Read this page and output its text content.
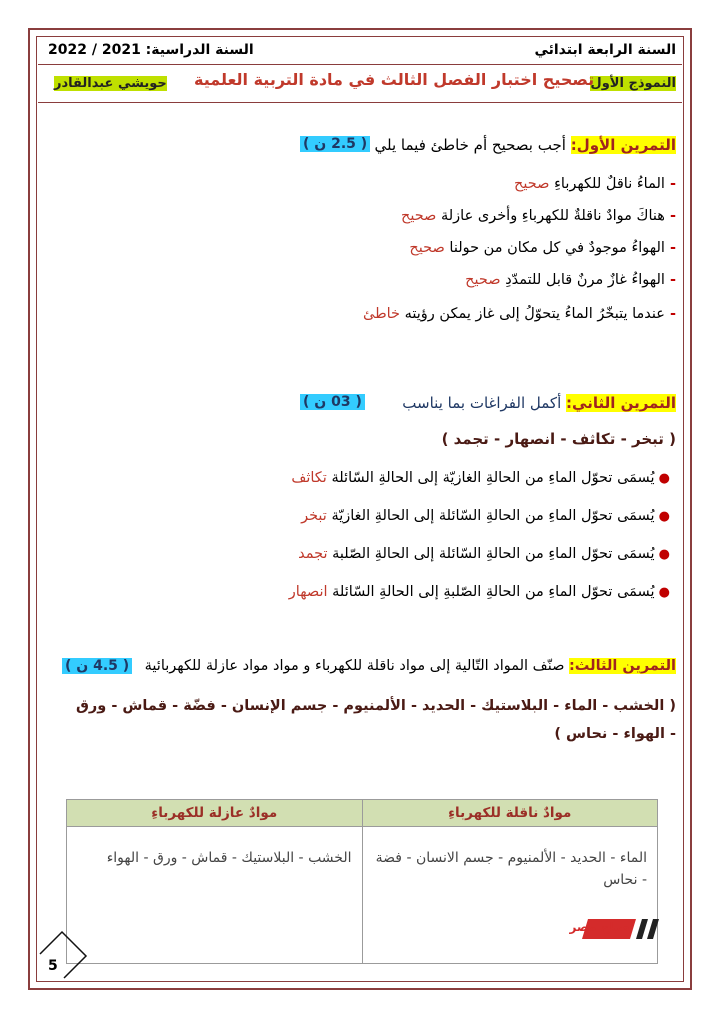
السنة الرابعة ابتدائي
السنة الدراسية: 2021 / 2022
النموذج الأول
تصحيح اختبار الفصل الثالث في مادة التربية العلمية
حويشي عبدالقادر
التمرين الأول: أجب بصحيح أم خاطئ فيما يلي
( 2.5 ن )
- الماءُ ناقلٌ للكهرباءِ صحيح
- هناكَ موادٌ ناقلةٌ للكهرباءِ وأخرى عازلة صحيح
- الهواءُ موجودٌ في كل مكان من حولنا صحيح
- الهواءُ غازٌ مرنٌ قابل للتمدّدِ صحيح
- عندما يتبخّرُ الماءُ يتحوّلُ إلى غاز يمكن رؤيته خاطئ
التمرين الثاني: أكمل الفراغات بما يناسب
( 03 ن )
( تبخر - تكاثف - انصهار - تجمد )
● يُسمَى تحوّل الماءِ من الحالةِ الغازيّة إلى الحالةِ السّائلة تكاثف
● يُسمَى تحوّل الماءِ من الحالةِ السّائلة إلى الحالةِ الغازيّة تبخر
● يُسمَى تحوّل الماءِ من الحالةِ السّائلة إلى الحالةِ الصّلبة تجمد
● يُسمَى تحوّل الماءِ من الحالةِ الصّلبةِ إلى الحالةِ السّائلة انصهار
التمرين الثالث: صنّف المواد التّالية إلى مواد ناقلة للكهرباء و مواد مواد عازلة للكهربائية
( 4.5 ن )
( الخشب - الماء - البلاستيك - الحديد - الألمنيوم - جسم الإنسان - فضّة - قماش - ورق
- الهواء - نحاس )
موادٌ ناقلة للكهرباءِ	موادٌ عازلة للكهرباءِ
الماء - الحديد - الألمنيوم - جسم الانسان - فضة - نحاس	الخشب - البلاستيك - قماش - ورق - الهواء
صباح مصر
5
